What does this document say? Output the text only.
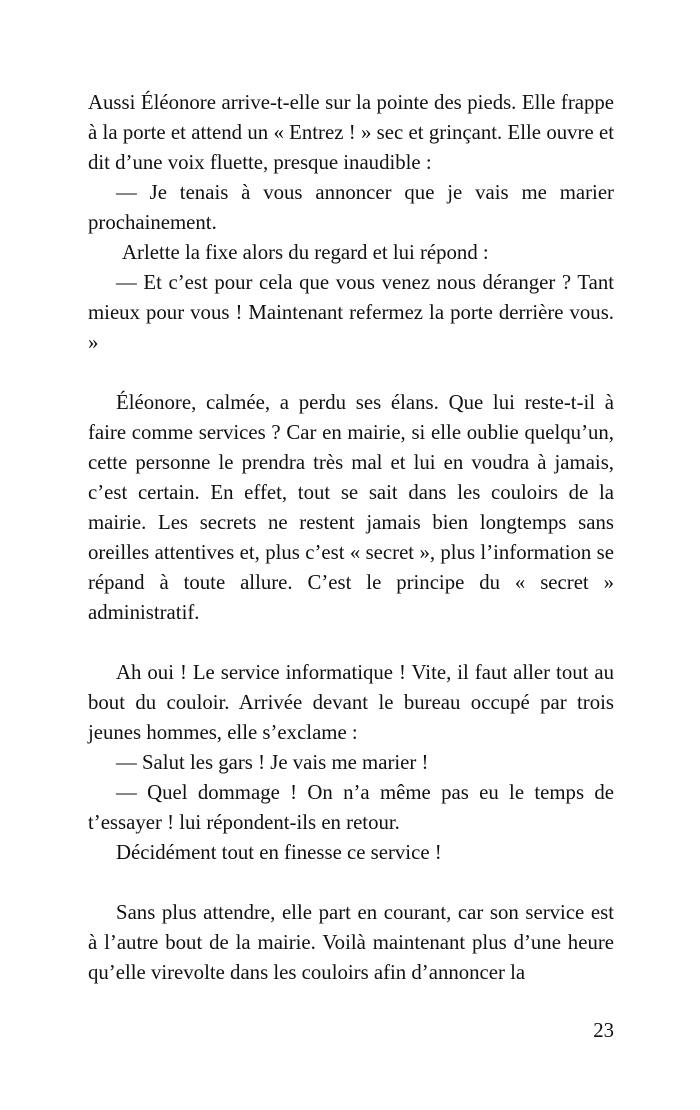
Aussi Éléonore arrive-t-elle sur la pointe des pieds. Elle frappe à la porte et attend un « Entrez ! » sec et grinçant. Elle ouvre et dit d’une voix fluette, presque inaudible :

— Je tenais à vous annoncer que je vais me marier prochainement.

Arlette la fixe alors du regard et lui répond :

— Et c’est pour cela que vous venez nous déranger ? Tant mieux pour vous ! Maintenant refermez la porte derrière vous. »

Éléonore, calmée, a perdu ses élans. Que lui reste-t-il à faire comme services ? Car en mairie, si elle oublie quelqu’un, cette personne le prendra très mal et lui en voudra à jamais, c’est certain. En effet, tout se sait dans les couloirs de la mairie. Les secrets ne restent jamais bien longtemps sans oreilles attentives et, plus c’est « secret », plus l’information se répand à toute allure. C’est le principe du « secret » administratif.

Ah oui ! Le service informatique ! Vite, il faut aller tout au bout du couloir. Arrivée devant le bureau occupé par trois jeunes hommes, elle s’exclame :

— Salut les gars ! Je vais me marier !

— Quel dommage ! On n’a même pas eu le temps de t’essayer ! lui répondent-ils en retour.

Décidément tout en finesse ce service !

Sans plus attendre, elle part en courant, car son service est à l’autre bout de la mairie. Voilà maintenant plus d’une heure qu’elle virevolte dans les couloirs afin d’annoncer la

23
